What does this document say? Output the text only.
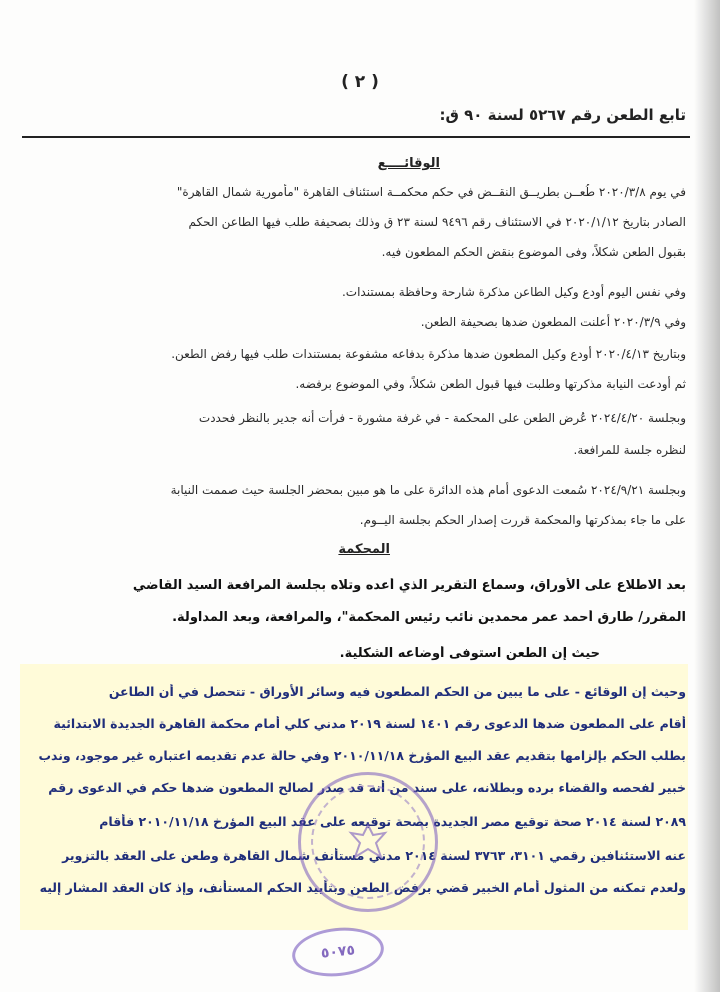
( ٢ )
تابع الطعن رقم ٥٢٦٧ لسنة ٩٠ ق:
الوقائــــع
في يوم ٢٠٢٠/٣/٨ طُعــن بطريــق النقــض في حكم محكمــة استئناف القاهرة "مأمورية شمال القاهرة"
الصادر بتاريخ ٢٠٢٠/١/١٢ في الاستئناف رقم ٩٤٩٦ لسنة ٢٣ ق وذلك بصحيفة طلب فيها الطاعن الحكم
بقبول الطعن شكلاً، وفى الموضوع بنقض الحكم المطعون فيه.
وفي نفس اليوم أودع وكيل الطاعن مذكرة شارحة وحافظة بمستندات.
وفي ٢٠٢٠/٣/٩ أعلنت المطعون ضدها بصحيفة الطعن.
وبتاريخ ٢٠٢٠/٤/١٣ أودع وكيل المطعون ضدها مذكرة بدفاعه مشفوعة بمستندات طلب فيها رفض الطعن.
ثم أودعت النيابة مذكرتها وطلبت فيها قبول الطعن شكلاً، وفي الموضوع برفضه.
وبجلسة ٢٠٢٤/٤/٢٠ عُرض الطعن على المحكمة - في غرفة مشورة - فرأت أنه جدير بالنظر فحددت
لنظره جلسة للمرافعة.
وبجلسة ٢٠٢٤/٩/٢١ سُمعت الدعوى أمام هذه الدائرة على ما هو مبين بمحضر الجلسة حيث صممت النيابة
على ما جاء بمذكرتها والمحكمة قررت إصدار الحكم بجلسة اليــوم.
المحكمة
بعد الاطلاع على الأوراق، وسماع التقرير الذي أعده وتلاه بجلسة المرافعة السيد القاضي
المقرر/ طارق أحمد عمر محمدين نائب رئيس المحكمة"، والمرافعة، وبعد المداولة.
حيث إن الطعن استوفى أوضاعه الشكلية.
وحيث إن الوقائع - على ما يبين من الحكم المطعون فيه وسائر الأوراق - تتحصل في أن الطاعن
أقام على المطعون ضدها الدعوى رقم ١٤٠١ لسنة ٢٠١٩ مدني كلي أمام محكمة القاهرة الجديدة الابتدائية
بطلب الحكم بإلزامها بتقديم عقد البيع المؤرخ ٢٠١٠/١١/١٨ وفي حالة عدم تقديمه اعتباره غير موجود، وندب
خبير لفحصه والقضاء برده وبطلانه، على سند من أنه قد صدر لصالح المطعون ضدها حكم في الدعوى رقم
٢٠٨٩ لسنة ٢٠١٤ صحة توقيع مصر الجديدة بصحة توقيعه على عقد البيع المؤرخ ٢٠١٠/١١/١٨ فأقام
عنه الاستئنافين رقمي ٣١٠١، ٣٧٦٣ لسنة ٢٠١٤ مدني مستأنف شمال القاهرة وطعن على العقد بالتزوير
ولعدم تمكنه من المثول أمام الخبير قضي برفض الطعن وبتأييد الحكم المستأنف، وإذ كان العقد المشار إليه
٥٠٧٥
